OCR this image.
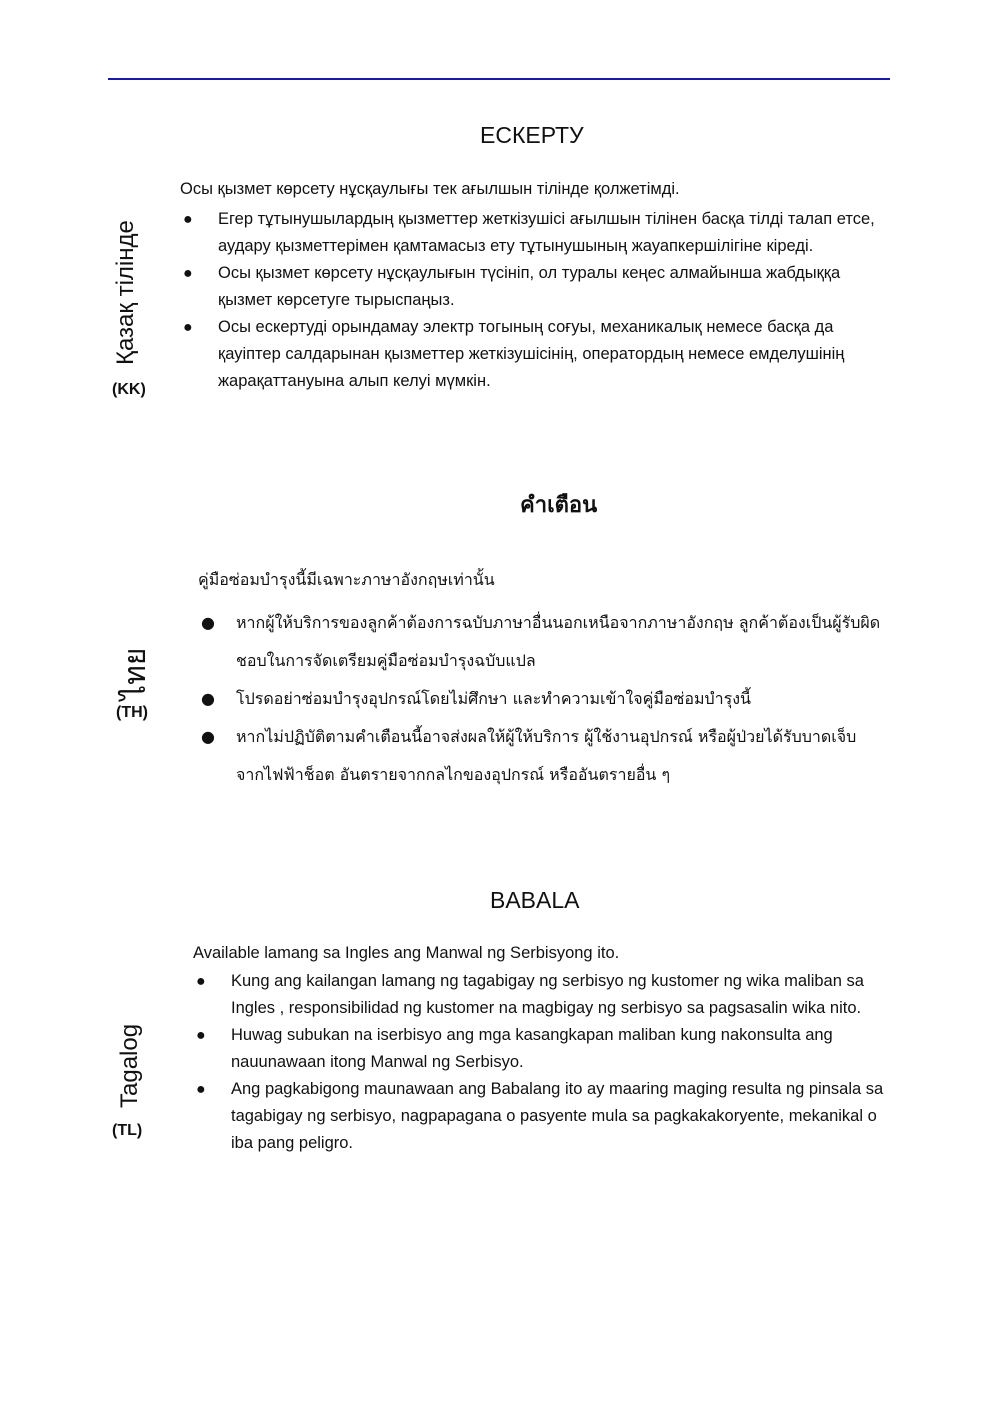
ЕСКЕРТУ
Қазақ тілінде
(KK)
Осы қызмет көрсету нұсқаулығы тек ағылшын тілінде қолжетімді.
● Егер тұтынушылардың қызметтер жеткізушісі ағылшын тілінен басқа тілді талап етсе, аудару қызметтерімен қамтамасыз ету тұтынушының жауапкершілігіне кіреді.
● Осы қызмет көрсету нұсқаулығын түсініп, ол туралы кеңес алмайынша жабдыққа қызмет көрсетуге тырыспаңыз.
● Осы ескертуді орындамау электр тогының соғуы, механикалық немесе басқа да қауіптер салдарынан қызметтер жеткізушісінің, оператордың немесе емделушінің жарақаттануына алып келуі мүмкін.
คำเตือน
ไทย
(TH)
คู่มือซ่อมบำรุงนี้มีเฉพาะภาษาอังกฤษเท่านั้น
● หากผู้ให้บริการของลูกค้าต้องการฉบับภาษาอื่นนอกเหนือจากภาษาอังกฤษ ลูกค้าต้องเป็นผู้รับผิดชอบในการจัดเตรียมคู่มือซ่อมบำรุงฉบับแปล
● โปรดอย่าซ่อมบำรุงอุปกรณ์โดยไม่ศึกษา และทำความเข้าใจคู่มือซ่อมบำรุงนี้
● หากไม่ปฏิบัติตามคำเตือนนี้อาจส่งผลให้ผู้ให้บริการ ผู้ใช้งานอุปกรณ์ หรือผู้ป่วยได้รับบาดเจ็บจากไฟฟ้าช็อต อันตรายจากกลไกของอุปกรณ์ หรืออันตรายอื่น ๆ
BABALA
Tagalog
(TL)
Available lamang sa Ingles ang Manwal ng Serbisyong ito.
● Kung ang kailangan lamang ng tagabigay ng serbisyo ng kustomer ng wika maliban sa Ingles , responsibilidad ng kustomer na magbigay ng serbisyo sa pagsasalin wika nito.
● Huwag subukan na iserbisyo ang mga kasangkapan maliban kung nakonsulta ang nauunawaan itong Manwal ng Serbisyo.
● Ang pagkabigong maunawaan ang Babalang ito ay maaring maging resulta ng pinsala sa tagabigay ng serbisyo, nagpapagana o pasyente mula sa pagkakakoryente, mekanikal o iba pang peligro.
